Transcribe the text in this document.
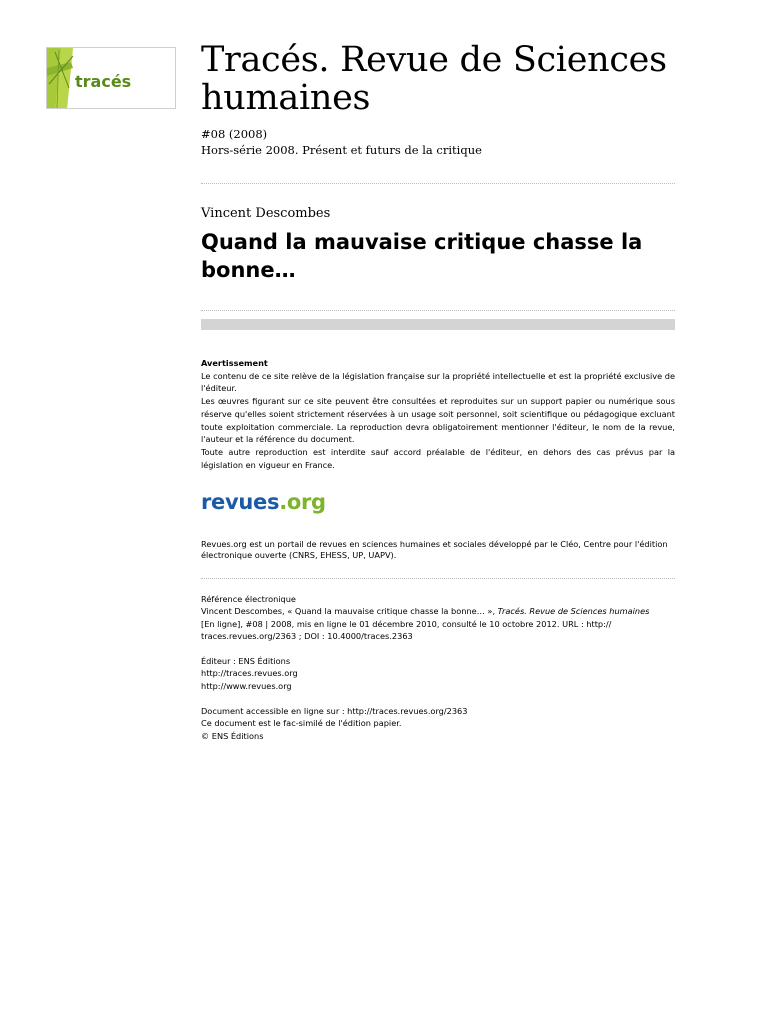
tracés
Tracés. Revue de Sciences humaines
#08 (2008)
Hors-série 2008. Présent et futurs de la critique
Vincent Descombes
Quand la mauvaise critique chasse la bonne…
Avertissement

Le contenu de ce site relève de la législation française sur la propriété intellectuelle et est la propriété exclusive de l'éditeur.

Les œuvres figurant sur ce site peuvent être consultées et reproduites sur un support papier ou numérique sous réserve qu'elles soient strictement réservées à un usage soit personnel, soit scientifique ou pédagogique excluant toute exploitation commerciale. La reproduction devra obligatoirement mentionner l'éditeur, le nom de la revue, l'auteur et la référence du document.

Toute autre reproduction est interdite sauf accord préalable de l'éditeur, en dehors des cas prévus par la législation en vigueur en France.

revues.org
Revues.org est un portail de revues en sciences humaines et sociales développé par le Cléo, Centre pour l'édition électronique ouverte (CNRS, EHESS, UP, UAPV).
Référence électronique
Vincent Descombes, « Quand la mauvaise critique chasse la bonne… », Tracés. Revue de Sciences humaines
[En ligne], #08 | 2008, mis en ligne le 01 décembre 2010, consulté le 10 octobre 2012. URL : http://
traces.revues.org/2363 ; DOI : 10.4000/traces.2363
Éditeur : ENS Éditions
http://traces.revues.org
http://www.revues.org
Document accessible en ligne sur : http://traces.revues.org/2363
Ce document est le fac-similé de l'édition papier.
© ENS Éditions
